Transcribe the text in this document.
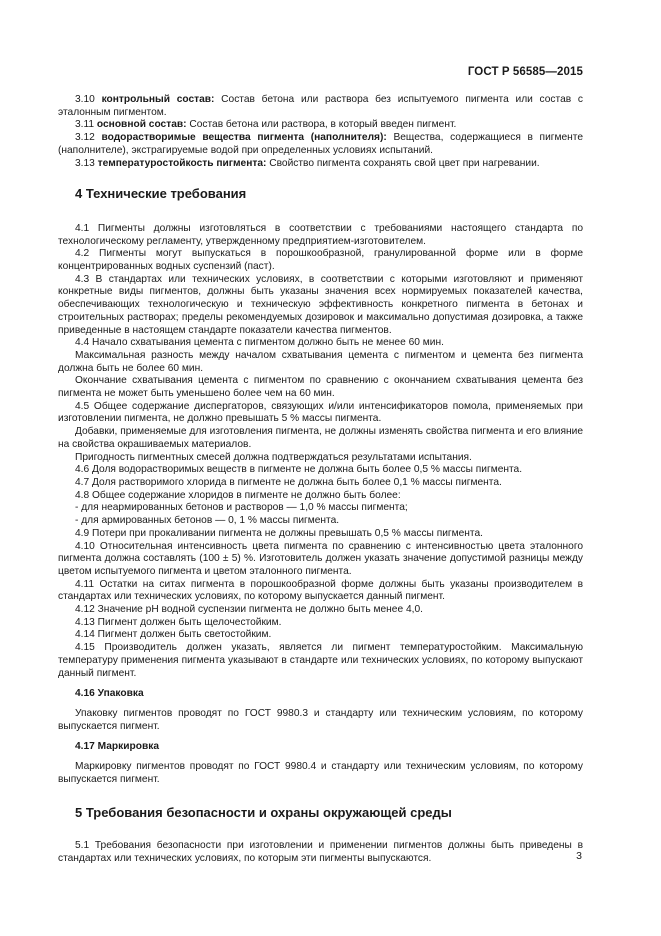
ГОСТ Р 56585—2015

3.10 контрольный состав: Состав бетона или раствора без испытуемого пигмента или состав с эталонным пигментом.

3.11 основной состав: Состав бетона или раствора, в который введен пигмент.

3.12 водорастворимые вещества пигмента (наполнителя): Вещества, содержащиеся в пигменте (наполнителе), экстрагируемые водой при определенных условиях испытаний.

3.13 температуростойкость пигмента: Свойство пигмента сохранять свой цвет при нагревании.

4 Технические требования

4.1 Пигменты должны изготовляться в соответствии с требованиями настоящего стандарта по технологическому регламенту, утвержденному предприятием-изготовителем.

4.2 Пигменты могут выпускаться в порошкообразной, гранулированной форме или в форме концентрированных водных суспензий (паст).

4.3 В стандартах или технических условиях, в соответствии с которыми изготовляют и применяют конкретные виды пигментов, должны быть указаны значения всех нормируемых показателей качества, обеспечивающих технологическую и техническую эффективность конкретного пигмента в бетонах и строительных растворах; пределы рекомендуемых дозировок и максимально допустимая дозировка, а также приведенные в настоящем стандарте показатели качества пигментов.

4.4 Начало схватывания цемента с пигментом должно быть не менее 60 мин.

Максимальная разность между началом схватывания цемента с пигментом и цемента без пигмента должна быть не более 60 мин.

Окончание схватывания цемента с пигментом по сравнению с окончанием схватывания цемента без пигмента не может быть уменьшено более чем на 60 мин.

4.5 Общее содержание диспергаторов, связующих и/или интенсификаторов помола, применяемых при изготовлении пигмента, не должно превышать 5 % массы пигмента.

Добавки, применяемые для изготовления пигмента, не должны изменять свойства пигмента и его влияние на свойства окрашиваемых материалов.

Пригодность пигментных смесей должна подтверждаться результатами испытания.

4.6 Доля водорастворимых веществ в пигменте не должна быть более 0,5 % массы пигмента.

4.7 Доля растворимого хлорида в пигменте не должна быть более 0,1 % массы пигмента.

4.8 Общее содержание хлоридов в пигменте не должно быть более:

- для неармированных бетонов и растворов — 1,0 % массы пигмента;

- для армированных бетонов — 0, 1 % массы пигмента.

4.9 Потери при прокаливании пигмента не должны превышать 0,5 % массы пигмента.

4.10 Относительная интенсивность цвета пигмента по сравнению с интенсивностью цвета эталонного пигмента должна составлять (100 ± 5) %. Изготовитель должен указать значение допустимой разницы между цветом испытуемого пигмента и цветом эталонного пигмента.

4.11 Остатки на ситах пигмента в порошкообразной форме должны быть указаны производителем в стандартах или технических условиях, по которому выпускается данный пигмент.

4.12 Значение рН водной суспензии пигмента не должно быть менее 4,0.

4.13 Пигмент должен быть щелочестойким.

4.14 Пигмент должен быть светостойким.

4.15 Производитель должен указать, является ли пигмент температуростойким. Максимальную температуру применения пигмента указывают в стандарте или технических условиях, по которому выпускают данный пигмент.

4.16 Упаковка

Упаковку пигментов проводят по ГОСТ 9980.3 и стандарту или техническим условиям, по которому выпускается пигмент.

4.17 Маркировка

Маркировку пигментов проводят по ГОСТ 9980.4 и стандарту или техническим условиям, по которому выпускается пигмент.

5 Требования безопасности и охраны окружающей среды

5.1 Требования безопасности при изготовлении и применении пигментов должны быть приведены в стандартах или технических условиях, по которым эти пигменты выпускаются.	3
